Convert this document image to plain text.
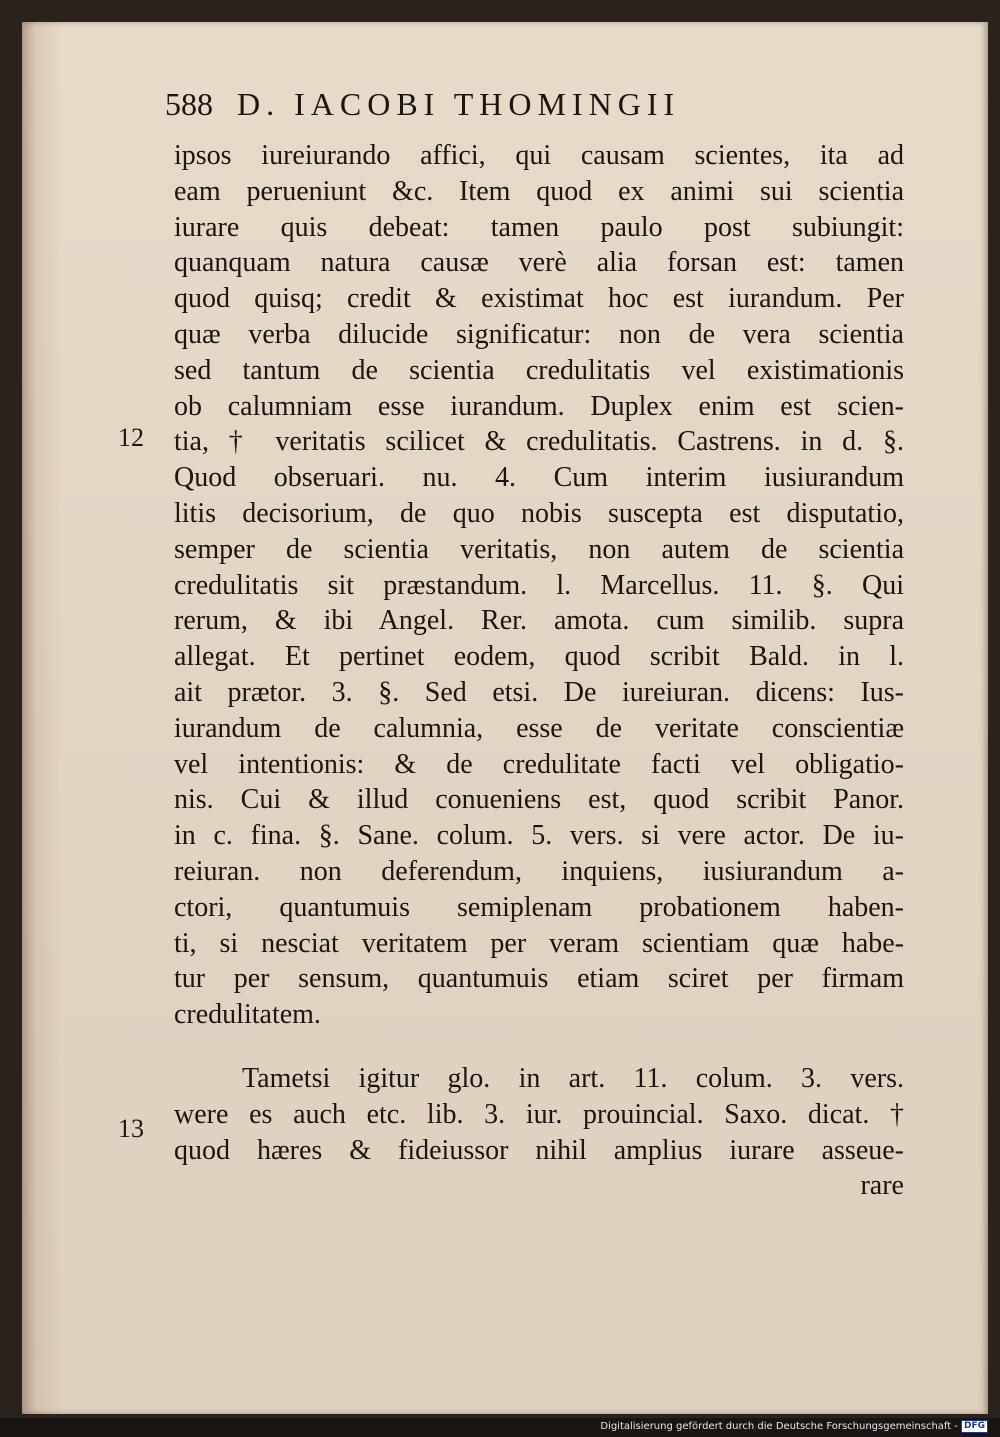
588 D. IACOBI THOMINGII
12
13
ipsos iureiurando affici, qui causam scientes, ita ad
eam perueniunt &c. Item quod ex animi sui scientia
iurare quis debeat: tamen paulo post subiungit:
quanquam natura causæ verè alia forsan est: tamen
quod quisq; credit & existimat hoc est iurandum. Per
quæ verba dilucide significatur: non de vera scientia
sed tantum de scientia credulitatis vel existimationis
ob calumniam esse iurandum. Duplex enim est scien-
tia, † veritatis scilicet & credulitatis. Castrens. in d. §.
Quod obseruari. nu. 4. Cum interim iusiurandum
litis decisorium, de quo nobis suscepta est disputatio,
semper de scientia veritatis, non autem de scientia
credulitatis sit præstandum. l. Marcellus. 11. §. Qui
rerum, & ibi Angel. Rer. amota. cum similib. supra
allegat. Et pertinet eodem, quod scribit Bald. in l.
ait prætor. 3. §. Sed etsi. De iureiuran. dicens: Ius-
iurandum de calumnia, esse de veritate conscientiæ
vel intentionis: & de credulitate facti vel obligatio-
nis. Cui & illud conueniens est, quod scribit Panor.
in c. fina. §. Sane. colum. 5. vers. si vere actor. De iu-
reiuran. non deferendum, inquiens, iusiurandum a-
ctori, quantumuis semiplenam probationem haben-
ti, si nesciat veritatem per veram scientiam quæ habe-
tur per sensum, quantumuis etiam sciret per firmam
credulitatem.
Tametsi igitur glo. in art. 11. colum. 3. vers.
were es auch etc. lib. 3. iur. prouincial. Saxo. dicat. †
quod hæres & fideiussor nihil amplius iurare asseue-
rare
Digitalisierung gefördert durch die Deutsche Forschungsgemeinschaft - DFG
